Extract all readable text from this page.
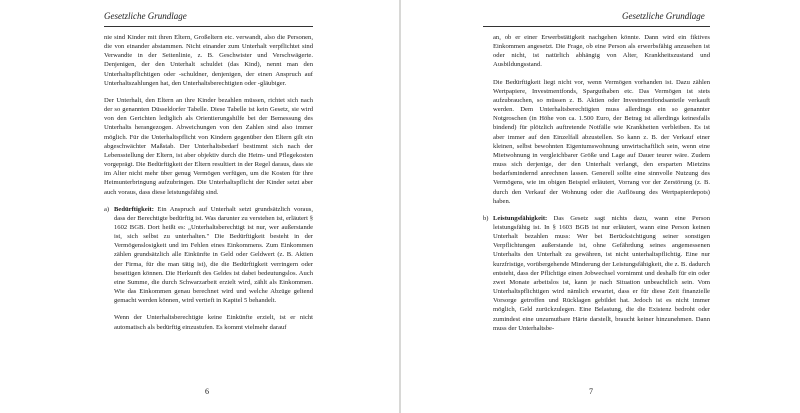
Gesetzliche Grundlage

nie sind Kinder mit ihren Eltern, Großeltern etc. verwandt, also die Personen, die von einander abstammen. Nicht einander zum Unterhalt verpflichtet sind Verwandte in der Seitenlinie, z. B. Geschwister und Verschwägerte. Denjenigen, der den Unterhalt schuldet (das Kind), nennt man den Unterhaltspflichtigen oder -schuldner, denjenigen, der einen Anspruch auf Unterhaltszahlungen hat, den Unterhaltsberechtigten oder -gläubiger.

Der Unterhalt, den Eltern an ihre Kinder bezahlen müssen, richtet sich nach der so genannten Düsseldorfer Tabelle. Diese Tabelle ist kein Gesetz, sie wird von den Gerichten lediglich als Orientierungshilfe bei der Bemessung des Unterhalts herangezogen. Abweichungen von den Zahlen sind also immer möglich. Für die Unterhaltspflicht von Kindern gegenüber den Eltern gilt ein abgeschwächter Maßstab. Der Unterhaltsbedarf bestimmt sich nach der Lebensstellung der Eltern, ist aber objektiv durch die Heim- und Pflegekosten vorgeprägt. Die Bedürftigkeit der Eltern resultiert in der Regel daraus, dass sie im Alter nicht mehr über genug Vermögen verfügen, um die Kosten für ihre Heimunterbringung aufzubringen. Die Unterhaltspflicht der Kinder setzt aber auch voraus, dass diese leistungsfähig sind.

a) Bedürftigkeit: Ein Anspruch auf Unterhalt setzt grundsätzlich voraus, dass der Berechtigte bedürftig ist. Was darunter zu verstehen ist, erläutert § 1602 BGB. Dort heißt es: „Unterhaltsberechtigt ist nur, wer außerstande ist, sich selbst zu unterhalten." Die Bedürftigkeit besteht in der Vermögenslosigkeit und im Fehlen eines Einkommens. Zum Einkommen zählen grundsätzlich alle Einkünfte in Geld oder Geldwert (z. B. Aktien der Firma, für die man tätig ist), die die Bedürftigkeit verringern oder beseitigen können. Die Herkunft des Geldes ist dabei bedeutungslos. Auch eine Summe, die durch Schwarzarbeit erzielt wird, zählt als Einkommen. Wie das Einkommen genau berechnet wird und welche Abzüge geltend gemacht werden können, wird vertieft in Kapitel 5 behandelt.

Wenn der Unterhaltsberechtigte keine Einkünfte erzielt, ist er nicht automatisch als bedürftig einzustufen. Es kommt vielmehr darauf

6
Gesetzliche Grundlage

an, ob er einer Erwerbstätigkeit nachgehen könnte. Dann wird ein fiktives Einkommen angesetzt. Die Frage, ob eine Person als erwerbsfähig anzusehen ist oder nicht, ist natürlich abhängig von Alter, Krankheitszustand und Ausbildungsstand.

Die Bedürftigkeit liegt nicht vor, wenn Vermögen vorhanden ist. Dazu zählen Wertpapiere, Investmentfonds, Sparguthaben etc. Das Vermögen ist stets aufzubrauchen, so müssen z. B. Aktien oder Investmentfondsanteile verkauft werden. Dem Unterhaltsberechtigten muss allerdings ein so genannter Notgroschen (in Höhe von ca. 1.500 Euro, der Betrag ist allerdings keinesfalls bindend) für plötzlich auftretende Notfälle wie Krankheiten verbleiben. Es ist aber immer auf den Einzelfall abzustellen. So kann z. B. der Verkauf einer kleinen, selbst bewohnten Eigentumswohnung unwirtschaftlich sein, wenn eine Mietwohnung in vergleichbarer Größe und Lage auf Dauer teurer wäre. Zudem muss sich derjenige, der den Unterhalt verlangt, den ersparten Mietzins bedarfsmindernd anrechnen lassen. Generell sollte eine sinnvolle Nutzung des Vermögens, wie im obigen Beispiel erläutert, Vorrang vor der Zerstörung (z. B. durch den Verkauf der Wohnung oder die Auflösung des Wertpapierdepots) haben.

b) Leistungsfähigkeit: Das Gesetz sagt nichts dazu, wann eine Person leistungsfähig ist. In § 1603 BGB ist nur erläutert, wann eine Person keinen Unterhalt bezahlen muss: Wer bei Berücksichtigung seiner sonstigen Verpflichtungen außerstande ist, ohne Gefährdung seines angemessenen Unterhalts den Unterhalt zu gewähren, ist nicht unterhaltspflichtig. Eine nur kurzfristige, vorübergehende Minderung der Leistungsfähigkeit, die z. B. dadurch entsteht, dass der Pflichtige einen Jobwechsel vornimmt und deshalb für ein oder zwei Monate arbeitslos ist, kann je nach Situation unbeachtlich sein. Vom Unterhaltspflichtigen wird nämlich erwartet, dass er für diese Zeit finanzielle Vorsorge getroffen und Rücklagen gebildet hat. Jedoch ist es nicht immer möglich, Geld zurückzulegen. Eine Belastung, die die Existenz bedroht oder zumindest eine unzumutbare Härte darstellt, braucht keiner hinzunehmen. Dann muss der Unterhaltsbe-
7
